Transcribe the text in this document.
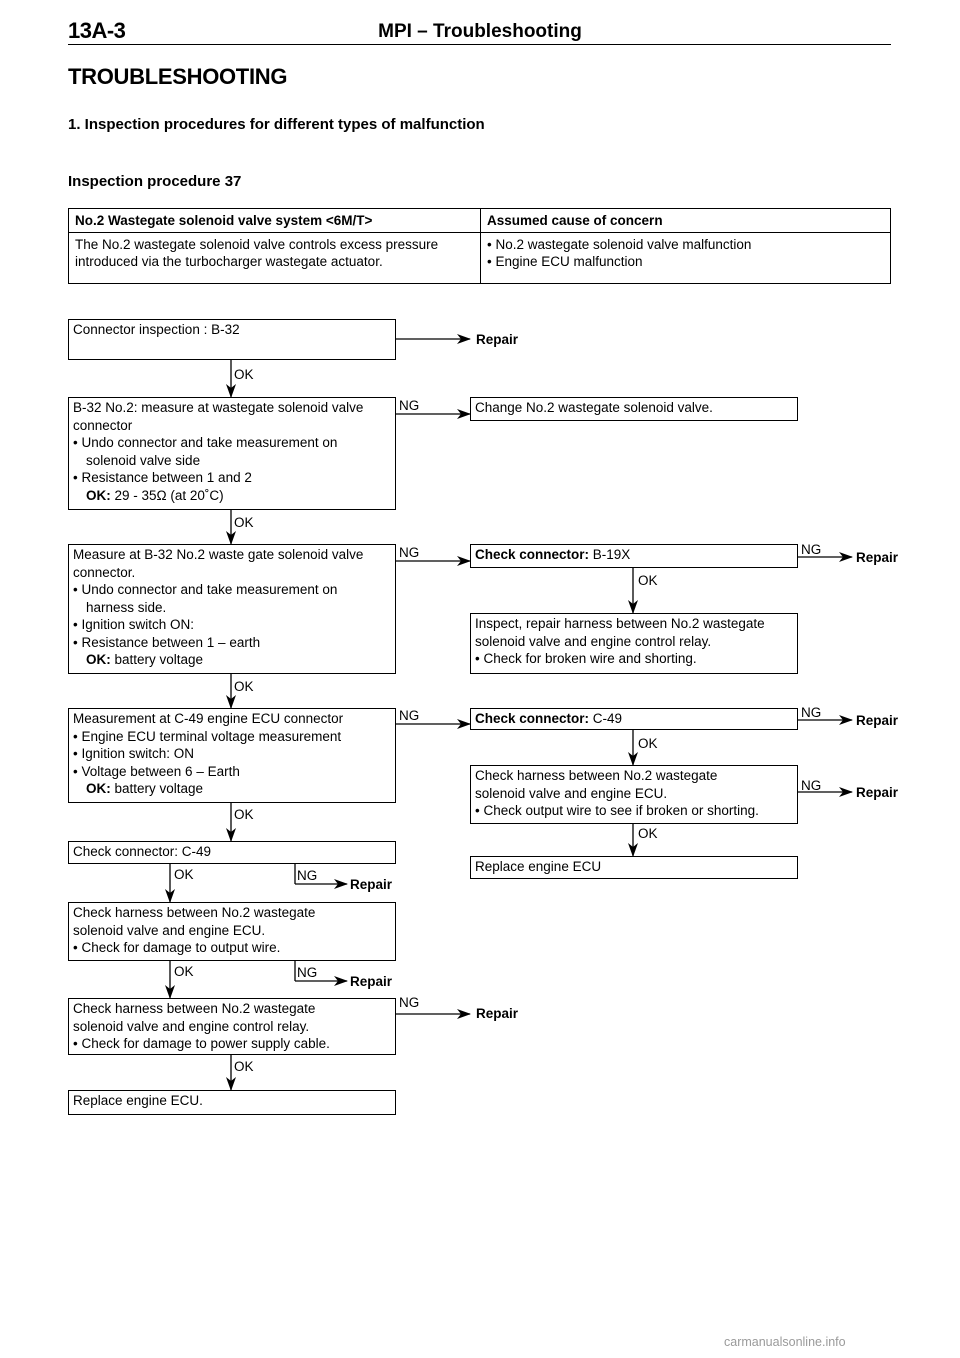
13A-3	MPI – Troubleshooting
TROUBLESHOOTING
1. Inspection procedures for different types of malfunction
Inspection procedure 37
No.2 Wastegate solenoid valve system <6M/T>	Assumed cause of concern
The No.2 wastegate solenoid valve controls excess pressure introduced via the turbocharger wastegate actuator.	• No.2 wastegate solenoid valve malfunction
• Engine ECU malfunction
Connector inspection : B-32
Repair
OK
B-32 No.2: measure at wastegate solenoid valve
connector
• Undo connector and take measurement on
solenoid valve side
• Resistance between 1 and 2
OK: 29 - 35Ω (at 20˚C)
NG	Change No.2 wastegate solenoid valve.
OK
Measure at B-32 No.2 waste gate solenoid valve
connector.
• Undo connector and take measurement on
harness side.
• Ignition switch ON:
• Resistance between 1 – earth
OK: battery voltage
NG	Check connector: B-19X	NG
Repair
OK
Inspect, repair harness between No.2 wastegate
solenoid valve and engine control relay.
• Check for broken wire and shorting.
OK
Measurement at C-49 engine ECU connector
• Engine ECU terminal voltage measurement
• Ignition switch: ON
• Voltage between 6 – Earth
OK: battery voltage
NG	Check connector: C-49	NG
Repair
OK
Check harness between No.2 wastegate
solenoid valve and engine ECU.
• Check output wire to see if broken or shorting.
NG	Repair
OK
Replace engine ECU
OK
Check connector: C-49
OK	NG
Repair
Check harness between No.2 wastegate
solenoid valve and engine ECU.
• Check for damage to output wire.
OK	NG
Repair
Check harness between No.2 wastegate
solenoid valve and engine control relay.
• Check for damage to power supply cable.
NG
Repair
OK
Replace engine ECU.
carmanualsonline.info
